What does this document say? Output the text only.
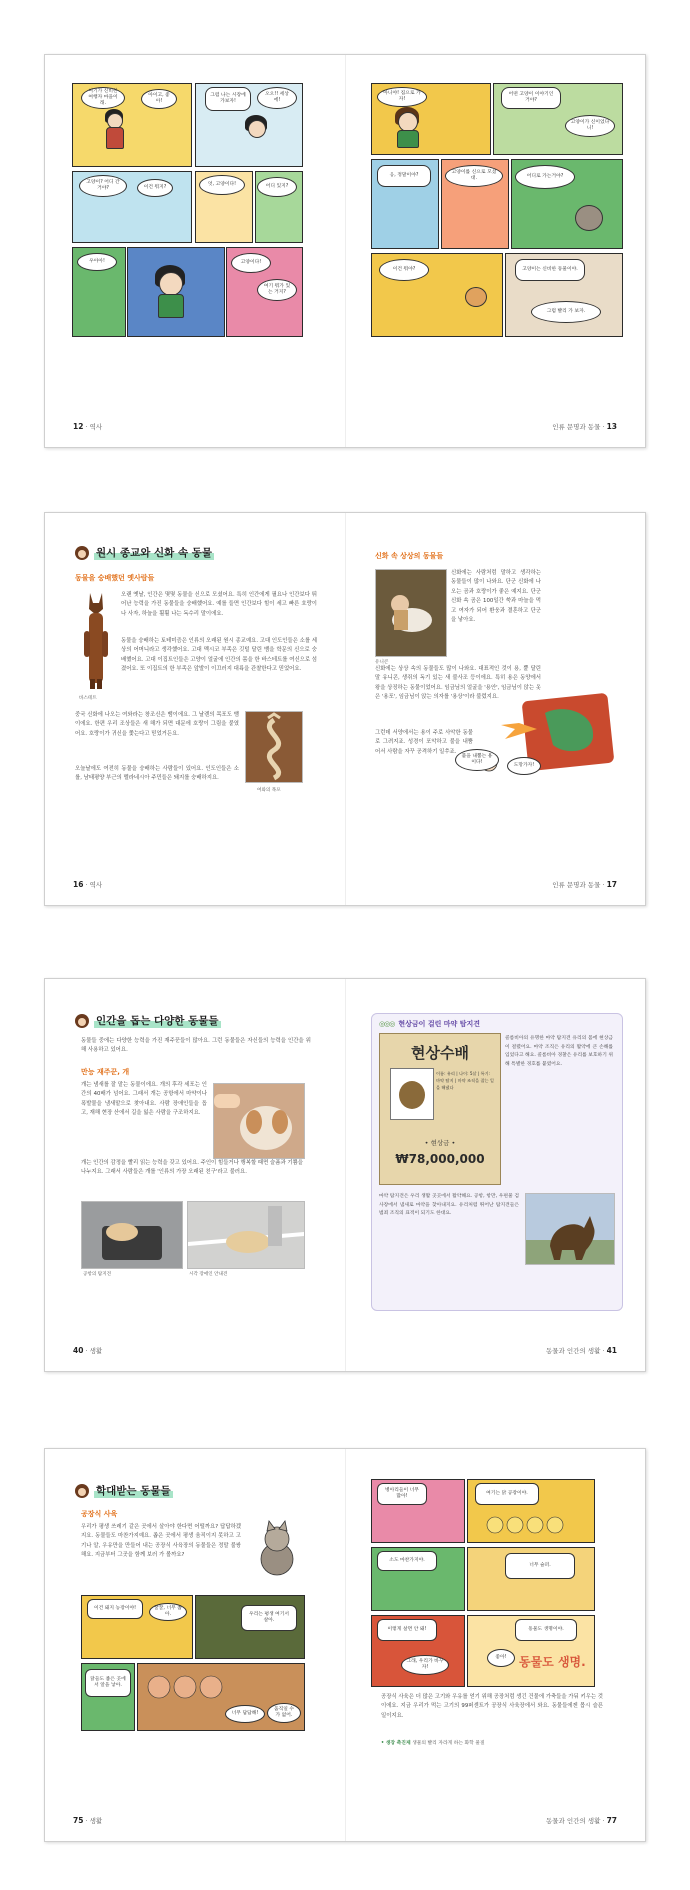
여기가 신비한 여행자 마을이래.
아이고, 좋아!
그럼 나는 시장에 가보자!
오오!! 세상에!
고양이? 어디 간거야?	이건 뭐지?
엇, 고양이다!	어디 있지?
우아아!	고양이다!
여기 뭐가 있는 거지?
아니야! 집으로 가자!
어떤 고양이 이야기인 거야?
고양이가 신이었다니!
응, 정말이야?
고양이를 신으로 모셨대.	어디로 가는거야?
이건 뭐야?	고양이는 신비한 동물이야.
그럼 빨리 가 보자.
12 · 역사	인류 문명과 동물 · 13
원시 종교와 신화 속 동물
동물을 숭배했던 옛사람들
바스테트
오랜 옛날, 인간은 몇몇 동물을 신으로 모셨어요. 특히 인간에게 필요나 인간보다 뛰어난 능력을 가진 동물들을 숭배했어요. 예를 들면 인간보다 힘이 세고 빠른 호랑이나 사자, 하늘을 훨훨 나는 독수리 말이에요.
동물을 숭배하는 토테미즘은 인류의 오래된 원시 종교예요. 고대 인도인들은 소를 세상의 어머니라고 생각했어요. 고대 멕시코 부족은 깃털 달린 뱀을 학문의 신으로 숭배했어요. 고대 이집트인들은 고양이 얼굴에 인간의 몸을 한 바스테트를 여신으로 섬겼어요. 또 이집트의 한 부족은 앞발이 이끄러지 대륙을 관찰한다고 믿었어요.
중국 신화에 나오는 여와라는 창조신은 뱀이에요. 그 날렌의 목포도 뱀이에요. 한편 우리 조상들은 새 해가 되면 대문에 호랑이 그림을 붙였어요. 호랑이가 귀신을 쫓는다고 믿었거든요.
오늘날에도 여전히 동물을 숭배하는 사람들이 있어요. 인도인들은 소를, 남태평양 부근의 멜라네시아 주민들은 돼지를 숭배하지요.
여와의 목포
신화 속 상상의 동물들
유니콘
신화에는 사람처럼 말하고 생각하는 동물들이 많이 나와요. 단군 신화에 나오는 곰과 호랑이가 좋은 예지요. 단군 신화 속 곰은 100일간 쑥과 마늘을 먹고 여자가 되어 환웅과 결혼하고 단군을 낳아요.
신화에는 상상 속의 동물들도 많이 나와요. 대표적인 것이 용, 뿔 달린 말 유니콘, 생쥐의 독기 있는 새 불사조 등이에요. 특히 용은 동양에서 왕을 상징하는 동물이었어요. 임금님의 얼굴을 '용안', 임금님이 앉는 옷은 '용포', 임금님이 앉는 의자를 '용상'이라 불렀지요.
그런데 서양에서는 용이 주로 사악한 동물로 그려지죠. 성경이 포악하고 불을 내뿜어서 사람을 자꾸 공격하기 일쑤죠.
불을 내뿜는 용이다!
도망가자!
16 · 역사	인류 문명과 동물 · 17
인간을 돕는 다양한 동물들
동물들 중에는 다양한 능력을 가진 재주꾼들이 많아요. 그런 동물들은 자신들의 능력을 인간을 위해 사용하고 있어요.
만능 재주꾼, 개
개는 냄새를 잘 맡는 동물이에요. 개의 후각 세포는 인간의 40배가 넘어요. 그래서 개는 공항에서 마약이나 폭발물을 냄새맡으로 찾아내요. 사람 장애인들을 돕고, 재해 현장 산에서 길을 잃은 사람을 구조하지요.
개는 인간의 감정을 빨리 읽는 능력을 갖고 있어요. 주인이 힘들거나 행복할 때면 슬픔과 기쁨을 나누지요. 그래서 사람들은 개를 '인류의 가장 오래된 친구'라고 불러요.
공항의 탐지견	시각 장애인 안내견
◎◎◎ 현상금이 걸린 마약 탐지견
현상수배
이름: 유리 | 나이: 5살 | 특기: 마약 탐지 | 마약 조직을 잡는 일을 해냈다
• 현상금 •
₩78,000,000
콜롬비아의 유명한 마약 탐지견 유리의 몸에 현상금이 걸렸어요. 마약 조직은 유리의 활약에 큰 손해를 입었다고 해요. 콜롬비아 경찰은 유리를 보호하기 위해 특별한 경호를 붙였어요.
마약 탐지견은 우리 생활 곳곳에서 활약해요. 공항, 항만, 우편물 검사장에서 냄새로 마약을 찾아내지요. 유리처럼 뛰어난 탐지견들은 범죄 조직의 표적이 되기도 한대요.
40 · 생활	동물과 인간의 생활 · 41
학대받는 동물들
공장식 사육
우리가 평생 쓰레기 같은 곳에서 살아야 한다면 어떨까요? 답답하겠지요. 동물들도 마찬가지예요. 좁은 곳에서 평생 움직이지 못하고 고기나 알, 우유만을 만들어 내는 공장식 사육장의 동물들은 정말 불쌍해요. 지금부터 그곳을 함께 보러 가 볼까요?
이건 돼지 농장이야!	꿀꿀, 너무 좁아.	우리는 평생 여기서 살아.
닭들도 좁은 곳에서 알을 낳아.
너무 답답해!
움직일 수가 없어.
병아리들이 너무 많아!
여기는 닭 공장이야.
소도 마찬가지야.
너무 슬퍼.
이렇게 살면 안 돼!	동물도 생명이야.
그래, 우리가 바꾸자!
좋아!	동물도 생명.
공장식 사육은 더 많은 고기와 우유를 얻기 위해 공장처럼 생긴 건물에 가축들을 가둬 키우는 것이에요. 지금 우리가 먹는 고기의 99퍼센트가 공장식 사육장에서 와요. 동물들에겐 몹시 슬픈 일이지요.
• 생장 촉진제 생물의 빨리 자라게 하는 화학 물질
75 · 생활	동물과 인간의 생활 · 77
